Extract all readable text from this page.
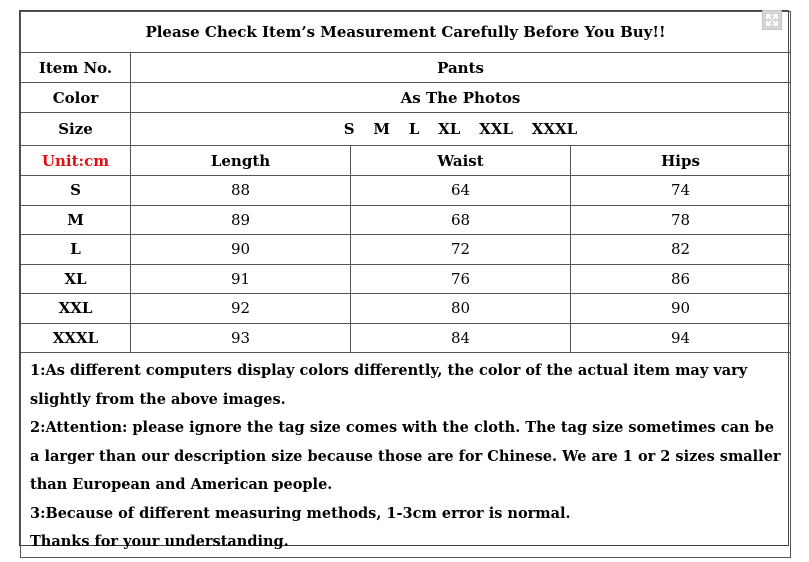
Please Check Item’s Measurement Carefully Before You Buy!!			
Item No.	Pants		
Color	As The Photos		
Size	S M L XL XXL XXXL		
Unit:cm	Length	Waist	Hips
S	88	64	74
M	89	68	78
L	90	72	82
XL	91	76	86
XXL	92	80	90
XXXL	93	84	94

1:As different computers display colors differently, the color of the actual item may vary slightly from the above images.

2:Attention: please ignore the tag size comes with the cloth. The tag size sometimes can be a larger than our description size because those are for Chinese. We are 1 or 2 sizes smaller than European and American people.

3:Because of different measuring methods, 1-3cm error is normal.

Thanks for your understanding.			
